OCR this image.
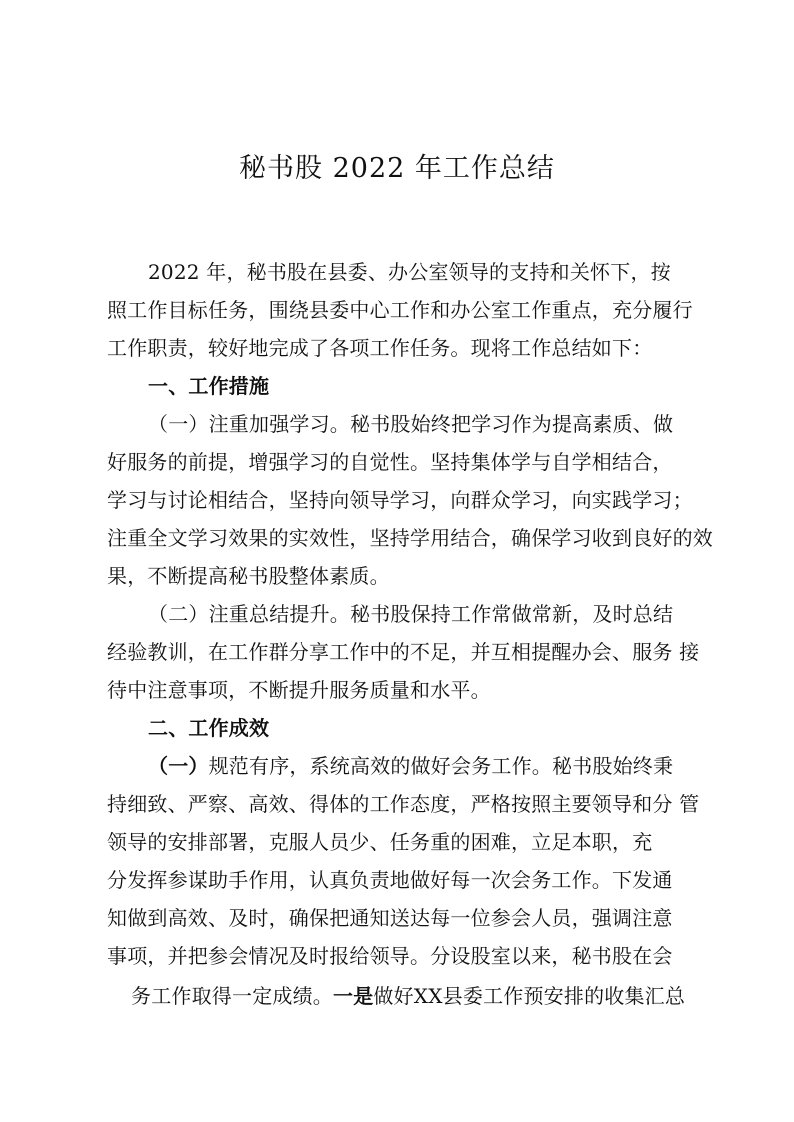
秘书股 2022 年工作总结
2022 年，秘书股在县委、办公室领导的支持和关怀下，按
照工作目标任务，围绕县委中心工作和办公室工作重点，充分履行
工作职责，较好地完成了各项工作任务。现将工作总结如下：
一、工作措施
（一）注重加强学习。秘书股始终把学习作为提高素质、做
好服务的前提，增强学习的自觉性。坚持集体学与自学相结合，
学习与讨论相结合，坚持向领导学习，向群众学习，向实践学习；
注重全文学习效果的实效性，坚持学用结合，确保学习收到良好的效
果，不断提高秘书股整体素质。
（二）注重总结提升。秘书股保持工作常做常新，及时总结
经验教训，在工作群分享工作中的不足，并互相提醒办会、服务 接
待中注意事项，不断提升服务质量和水平。
二、工作成效
（一）规范有序，系统高效的做好会务工作。秘书股始终秉
持细致、严察、高效、得体的工作态度，严格按照主要领导和分 管
领导的安排部署，克服人员少、任务重的困难，立足本职，充
分发挥参谋助手作用，认真负责地做好每一次会务工作。下发通
知做到高效、及时，确保把通知送达每一位参会人员，强调注意
事项，并把参会情况及时报给领导。分设股室以来，秘书股在会
务工作取得一定成绩。一是做好XX县委工作预安排的收集汇总
